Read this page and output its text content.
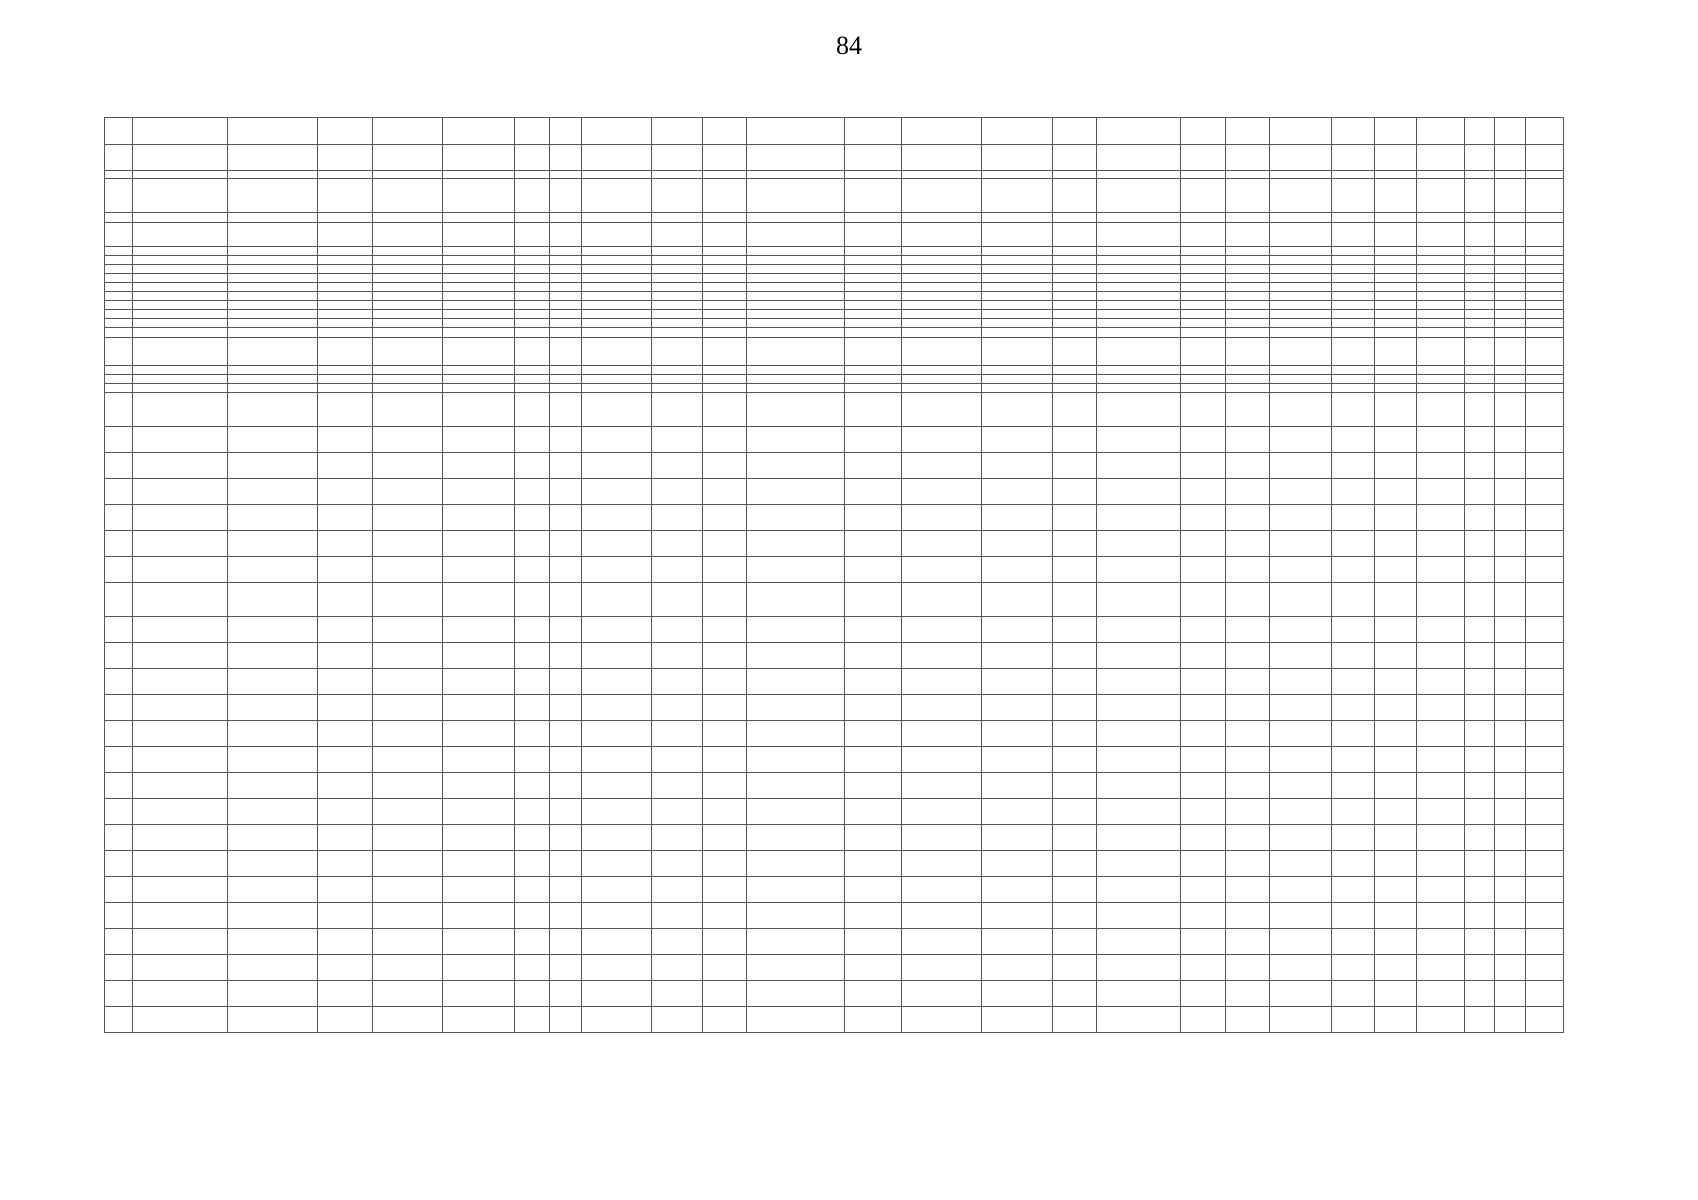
84
